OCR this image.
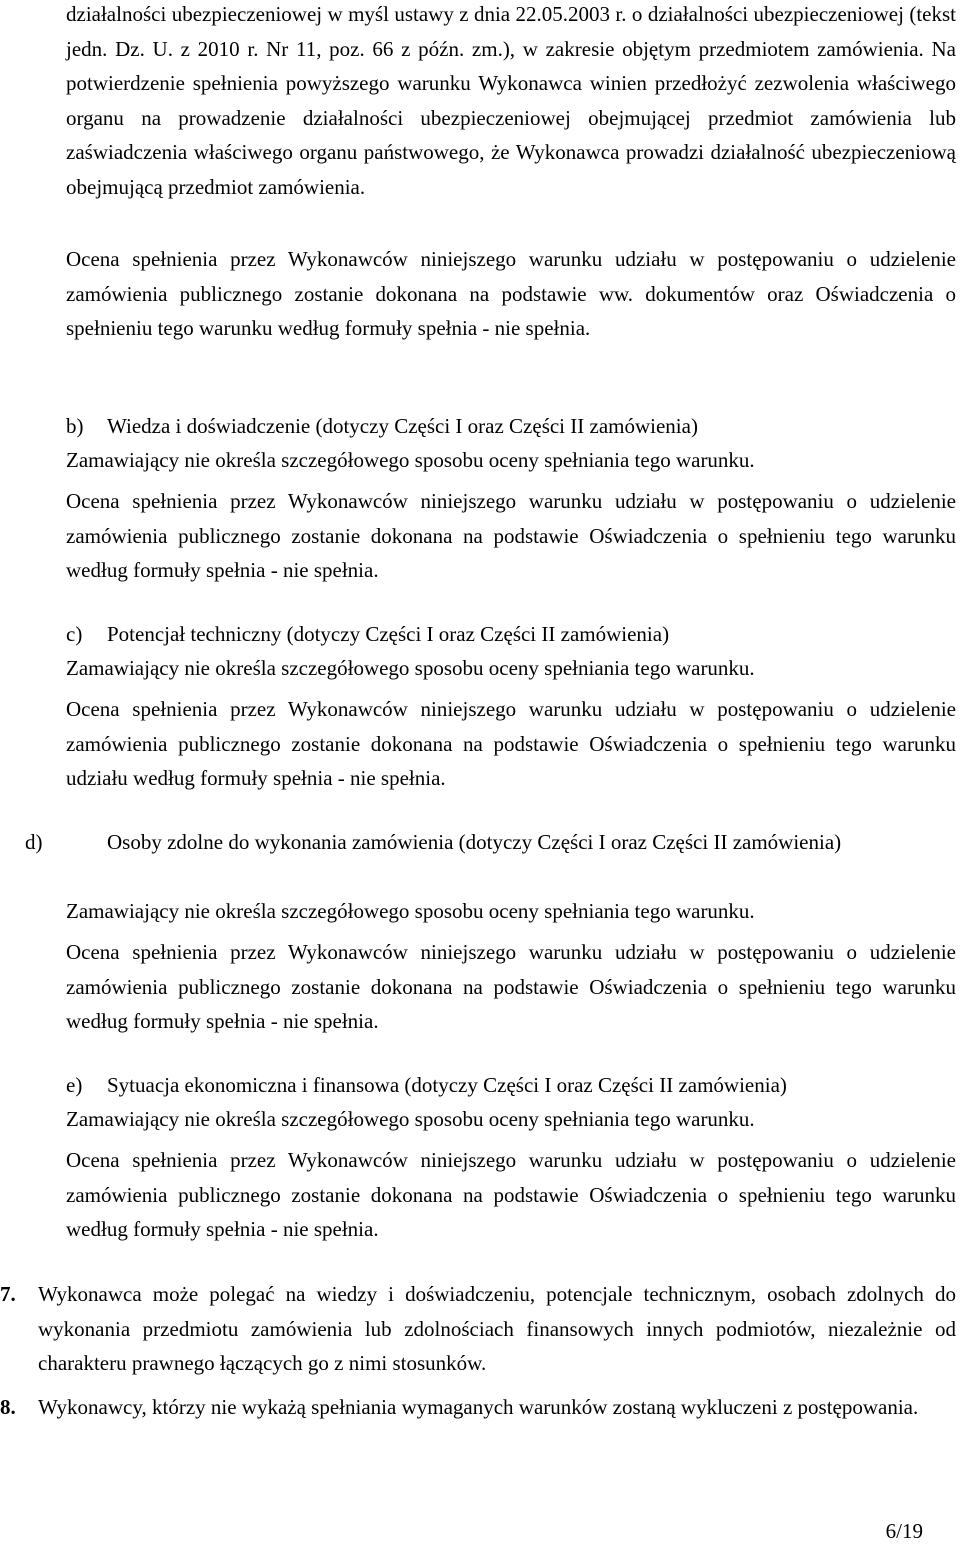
działalności ubezpieczeniowej w myśl ustawy z dnia 22.05.2003 r. o działalności ubezpieczeniowej (tekst jedn. Dz. U. z 2010 r. Nr 11, poz. 66 z późn. zm.), w zakresie objętym przedmiotem zamówienia. Na potwierdzenie spełnienia powyższego warunku Wykonawca winien przedłożyć zezwolenia właściwego organu na prowadzenie działalności ubezpieczeniowej obejmującej przedmiot zamówienia lub zaświadczenia właściwego organu państwowego, że Wykonawca prowadzi działalność ubezpieczeniową obejmującą przedmiot zamówienia.

Ocena spełnienia przez Wykonawców niniejszego warunku udziału w postępowaniu o udzielenie zamówienia publicznego zostanie dokonana na podstawie ww. dokumentów oraz Oświadczenia o spełnieniu tego warunku według formuły spełnia - nie spełnia.

b) Wiedza i doświadczenie (dotyczy Części I oraz Części II zamówienia)

Zamawiający nie określa szczegółowego sposobu oceny spełniania tego warunku.

Ocena spełnienia przez Wykonawców niniejszego warunku udziału w postępowaniu o udzielenie zamówienia publicznego zostanie dokonana na podstawie Oświadczenia o spełnieniu tego warunku według formuły spełnia - nie spełnia.

c) Potencjał techniczny (dotyczy Części I oraz Części II zamówienia)

Zamawiający nie określa szczegółowego sposobu oceny spełniania tego warunku.

Ocena spełnienia przez Wykonawców niniejszego warunku udziału w postępowaniu o udzielenie zamówienia publicznego zostanie dokonana na podstawie Oświadczenia o spełnieniu tego warunku udziału według formuły spełnia - nie spełnia.

d)	Osoby zdolne do wykonania zamówienia (dotyczy Części I oraz Części II zamówienia)

Zamawiający nie określa szczegółowego sposobu oceny spełniania tego warunku.

Ocena spełnienia przez Wykonawców niniejszego warunku udziału w postępowaniu o udzielenie zamówienia publicznego zostanie dokonana na podstawie Oświadczenia o spełnieniu tego warunku według formuły spełnia - nie spełnia.

e) Sytuacja ekonomiczna i finansowa (dotyczy Części I oraz Części II zamówienia)

Zamawiający nie określa szczegółowego sposobu oceny spełniania tego warunku.

Ocena spełnienia przez Wykonawców niniejszego warunku udziału w postępowaniu o udzielenie zamówienia publicznego zostanie dokonana na podstawie Oświadczenia o spełnieniu tego warunku według formuły spełnia - nie spełnia.

7. Wykonawca może polegać na wiedzy i doświadczeniu, potencjale technicznym, osobach zdolnych do wykonania przedmiotu zamówienia lub zdolnościach finansowych innych podmiotów, niezależnie od charakteru prawnego łączących go z nimi stosunków.
8. Wykonawcy, którzy nie wykażą spełniania wymaganych warunków zostaną wykluczeni z postępowania.
6/19
